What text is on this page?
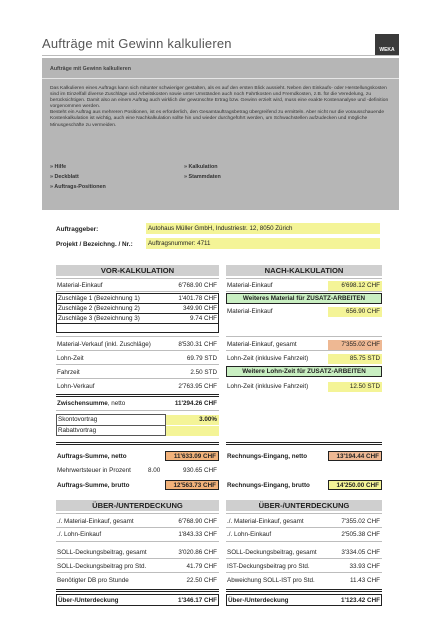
Aufträge mit Gewinn kalkulieren	WEKA
Aufträge mit Gewinn kalkulieren

Das Kalkulieren eines Auftrags kann sich mitunter schwieriger gestalten, als es auf den ersten Blick aussieht. Neben den Einkaufs- oder Herstellungskosten sind im Einzelfall diverse Zuschläge und Arbeitskosten sowie unter Umständen auch noch Fahrtkosten und Fremdkosten, z.B. für die Veredelung, zu berücksichtigen. Damit also an einem Auftrag auch wirklich der gewünschte Ertrag bzw. Gewinn erzielt wird, muss eine exakte Kostenanalyse und -definition vorgenommen werden.

Besteht ein Auftrag aus mehreren Positionen, ist es erforderlich, den Gesamtauftragsbetrag übergreifend zu ermitteln. Aber nicht nur die vorausschauende Kostenkalkulation ist wichtig, auch eine Nachkalkulation sollte hin und wieder durchgeführt werden, um Schwachstellen aufzudecken und mögliche Minusgeschäfte zu vermeiden.

» Hilfe
» Deckblatt
» Auftrags-Positionen
» Kalkulation
» Stammdaten
Auftraggeber:	Autohaus Müller GmbH, Industriestr. 12, 8050 Zürich
Projekt / Bezeichng. / Nr.:	Auftragsnummer: 4711
VOR-KALKULATION	NACH-KALKULATION
Material-Einkauf	6'768.90 CHF
Zuschläge 1 (Bezeichnung 1)	1'401.78 CHF
Zuschläge 2 (Bezeichnung 2)	349.90 CHF
Zuschläge 3 (Bezeichnung 3)	9.74 CHF
Material-Verkauf (inkl. Zuschläge)	8'530.31 CHF
Lohn-Zeit	69.79 STD
Fahrzeit	2.50 STD
Lohn-Verkauf	2'763.95 CHF
Zwischensumme, netto	11'294.26 CHF
Skontovortrag	3.00%
Rabattvortrag
Auftrags-Summe, netto	11'633.09 CHF
Mehrwertsteuer in Prozent	8.00	930.65 CHF
Auftrags-Summe, brutto	12'563.73 CHF
Material-Einkauf	6'698.12 CHF
Weiteres Material für ZUSATZ-ARBEITEN
Material-Einkauf	656.90 CHF
Material-Einkauf, gesamt	7'355.02 CHF
Lohn-Zeit (inklusive Fahrzeit)	85.75 STD
Weitere Lohn-Zeit für ZUSATZ-ARBEITEN
Lohn-Zeit (inklusive Fahrzeit)	12.50 STD
Rechnungs-Eingang, netto	13'194.44 CHF
Rechnungs-Eingang, brutto	14'250.00 CHF
ÜBER-/UNTERDECKUNG	ÜBER-/UNTERDECKUNG
./. Material-Einkauf, gesamt	6'768.90 CHF
./. Lohn-Einkauf	1'843.33 CHF
SOLL-Deckungsbeitrag, gesamt	3'020.86 CHF
SOLL-Deckungsbeitrag pro Std.	41.79 CHF
Benötigter DB pro Stunde	22.50 CHF
Über-/Unterdeckung	1'346.17 CHF
./. Material-Einkauf, gesamt	7'355.02 CHF
./. Lohn-Einkauf	2'505.38 CHF
SOLL-Deckungsbeitrag, gesamt	3'334.05 CHF
IST-Deckungsbeitrag pro Std.	33.93 CHF
Abweichung SOLL-IST pro Std.	11.43 CHF
Über-/Unterdeckung	1'123.42 CHF
